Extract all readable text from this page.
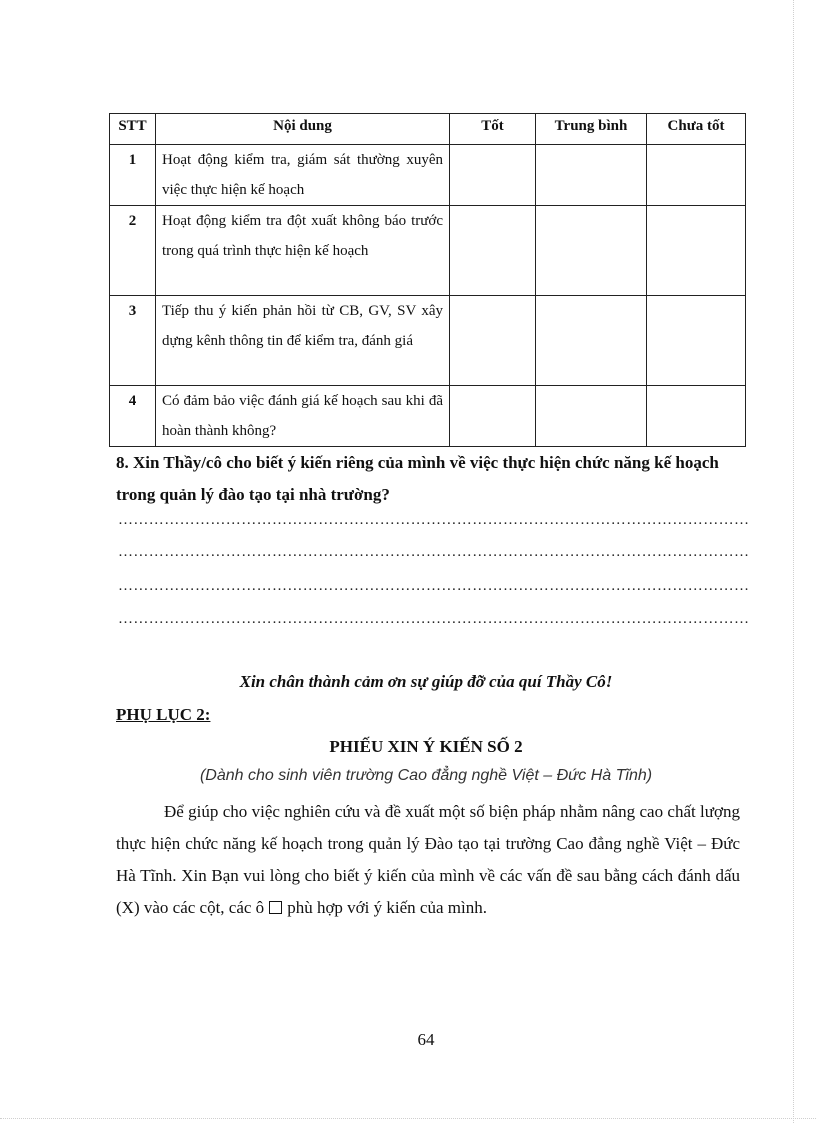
STT	Nội dung	Tốt	Trung bình	Chưa tốt
1	Hoạt động kiểm tra, giám sát thường xuyên việc thực hiện kế hoạch			
2	Hoạt động kiểm tra đột xuất không báo trước trong quá trình thực hiện kế hoạch			
3	Tiếp thu ý kiến phản hồi từ CB, GV, SV xây dựng kênh thông tin để kiểm tra, đánh giá			
4	Có đảm bảo việc đánh giá kế hoạch sau khi đã hoàn thành không?			
8. Xin Thầy/cô cho biết ý kiến riêng của mình về việc thực hiện chức năng kế hoạch trong quản lý đào tạo tại nhà trường?
……………………………………………………………………………………………………………
……………………………………………………………………………………………………………
……………………………………………………………………………………………………………
……………………………………………………………………………………………………………
Xin chân thành cảm ơn sự giúp đỡ của quí Thầy Cô!
PHỤ LỤC 2:
PHIẾU XIN Ý KIẾN SỐ 2
(Dành cho sinh viên trường Cao đẳng nghề Việt – Đức Hà Tĩnh)
Để giúp cho việc nghiên cứu và đề xuất một số biện pháp nhằm nâng cao chất lượng thực hiện chức năng kế hoạch trong quản lý Đào tạo tại trường Cao đẳng nghề Việt – Đức Hà Tĩnh. Xin Bạn vui lòng cho biết ý kiến của mình về các vấn đề sau bằng cách đánh dấu (X) vào các cột, các ô phù hợp với ý kiến của mình.
64
